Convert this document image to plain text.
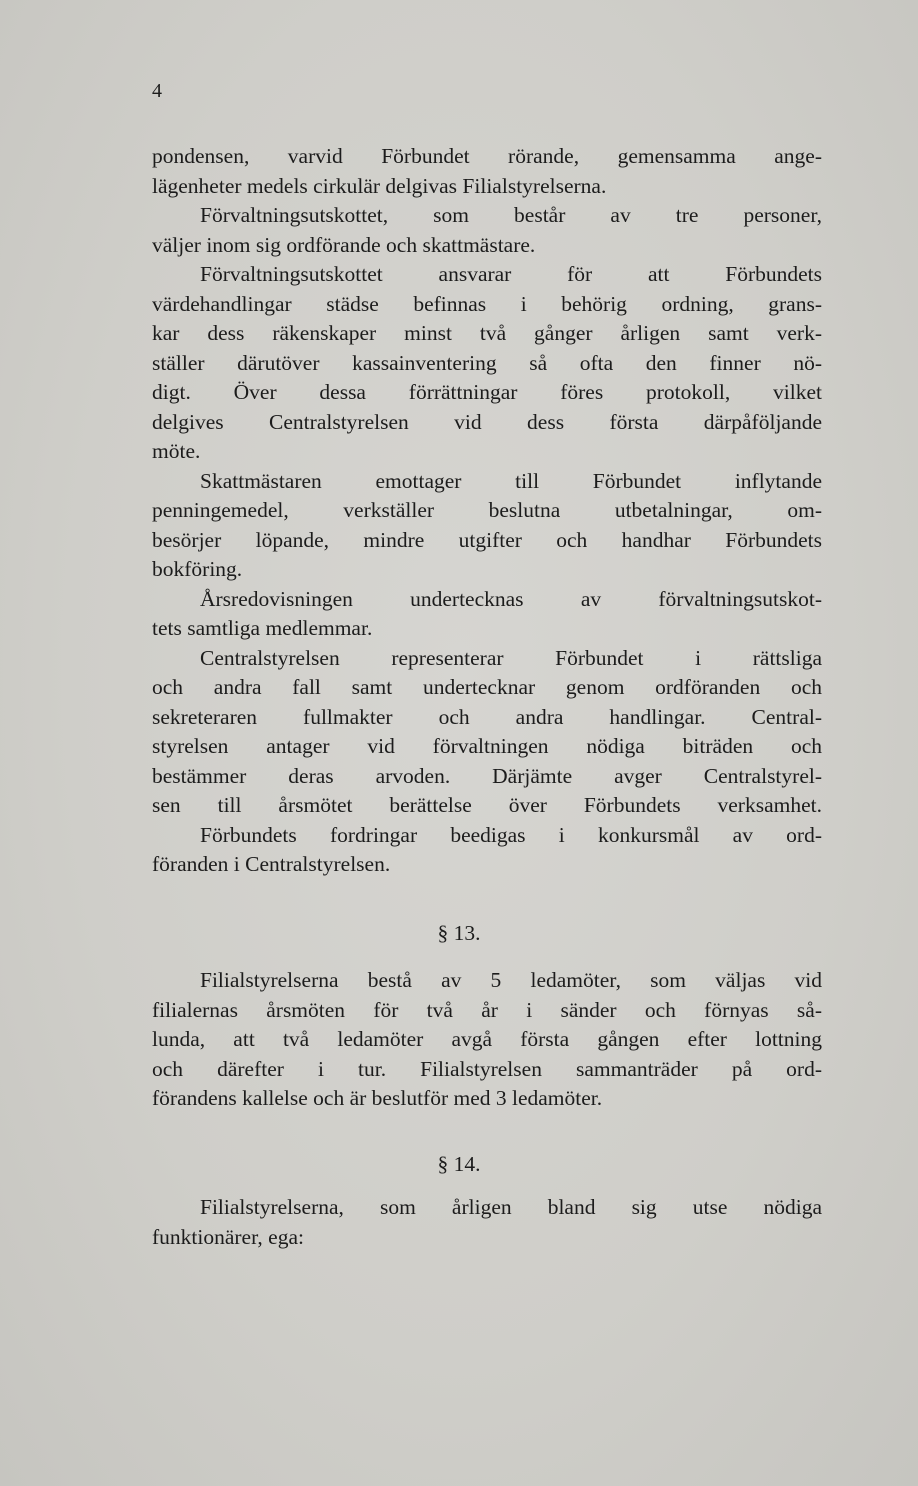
4
pondensen, varvid Förbundet rörande, gemensamma ange-
lägenheter medels cirkulär delgivas Filialstyrelserna.
Förvaltningsutskottet, som består av tre personer,
väljer inom sig ordförande och skattmästare.
Förvaltningsutskottet ansvarar för att Förbundets
värdehandlingar städse befinnas i behörig ordning, grans-
kar dess räkenskaper minst två gånger årligen samt verk-
ställer därutöver kassainventering så ofta den finner nö-
digt. Över dessa förrättningar föres protokoll, vilket
delgives Centralstyrelsen vid dess första därpåföljande
möte.
Skattmästaren emottager till Förbundet inflytande
penningemedel, verkställer beslutna utbetalningar, om-
besörjer löpande, mindre utgifter och handhar Förbundets
bokföring.
Årsredovisningen undertecknas av förvaltningsutskot-
tets samtliga medlemmar.
Centralstyrelsen representerar Förbundet i rättsliga
och andra fall samt undertecknar genom ordföranden och
sekreteraren fullmakter och andra handlingar. Central-
styrelsen antager vid förvaltningen nödiga biträden och
bestämmer deras arvoden. Därjämte avger Centralstyrel-
sen till årsmötet berättelse över Förbundets verksamhet.
Förbundets fordringar beedigas i konkursmål av ord-
föranden i Centralstyrelsen.
§ 13.
Filialstyrelserna bestå av 5 ledamöter, som väljas vid
filialernas årsmöten för två år i sänder och förnyas så-
lunda, att två ledamöter avgå första gången efter lottning
och därefter i tur. Filialstyrelsen sammanträder på ord-
förandens kallelse och är beslutför med 3 ledamöter.
§ 14.
Filialstyrelserna, som årligen bland sig utse nödiga
funktionärer, ega:
